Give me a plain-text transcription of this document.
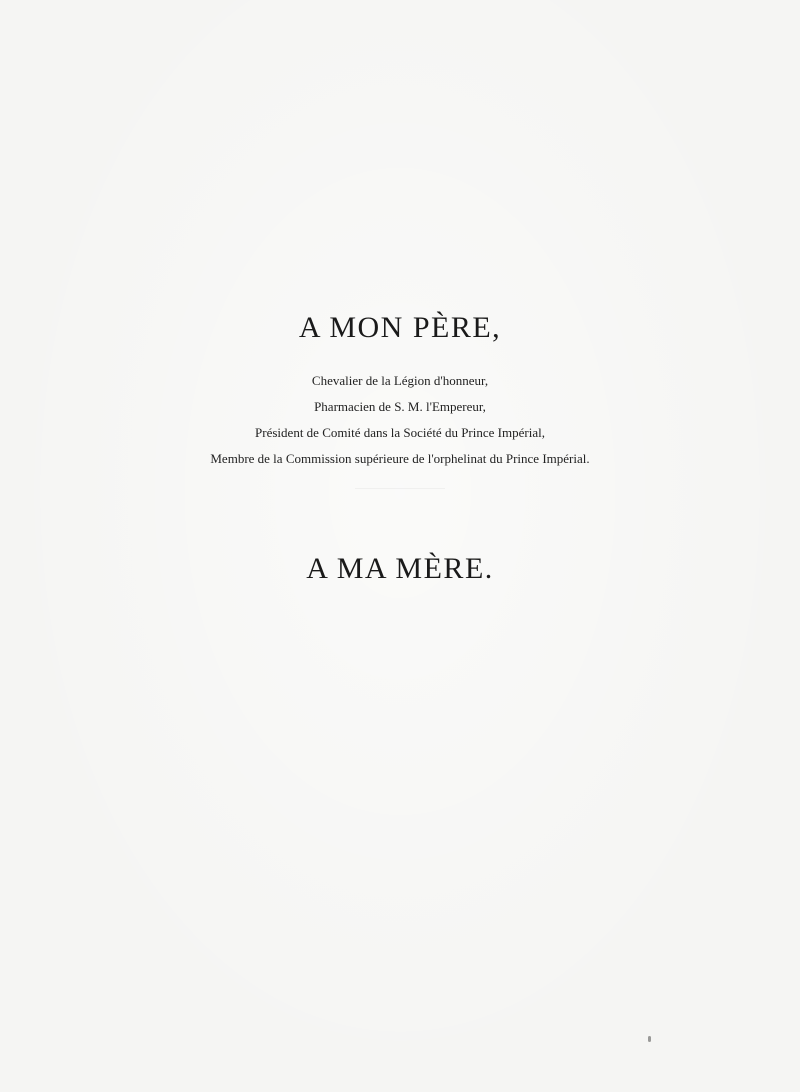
A MON PÈRE,
Chevalier de la Légion d'honneur,
Pharmacien de S. M. l'Empereur,
Président de Comité dans la Société du Prince Impérial,
Membre de la Commission supérieure de l'orphelinat du Prince Impérial.
A MA MÈRE.
